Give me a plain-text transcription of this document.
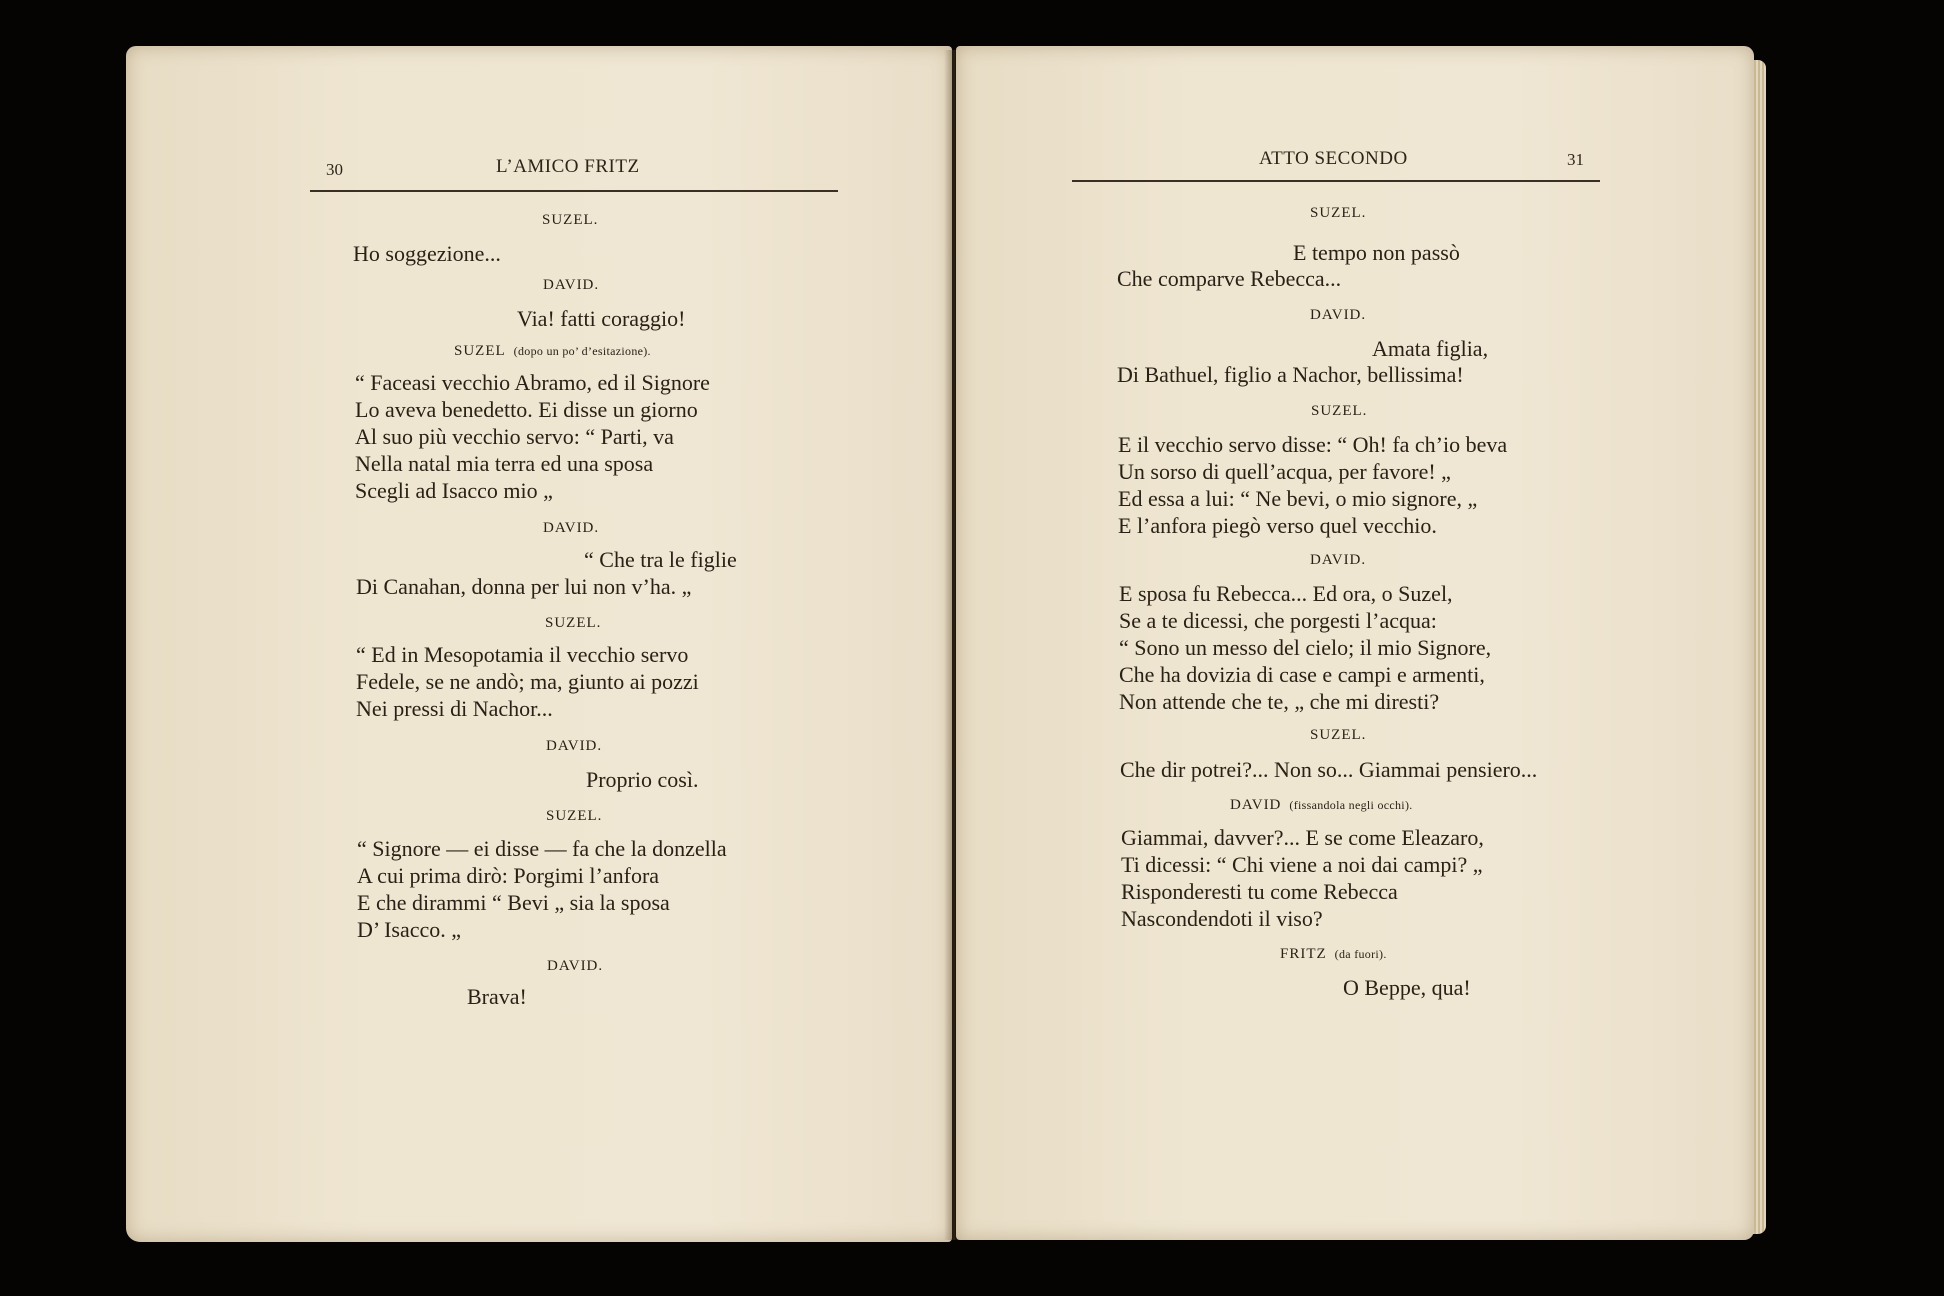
30	L’AMICO FRITZ
SUZEL.
Ho soggezione...
DAVID.
Via! fatti coraggio!
SUZEL (dopo un po’ d’esitazione).
“ Faceasi vecchio Abramo, ed il Signore
Lo aveva benedetto. Ei disse un giorno
Al suo più vecchio servo: “ Parti, va
Nella natal mia terra ed una sposa
Scegli ad Isacco mio „
DAVID.
“ Che tra le figlie
Di Canahan, donna per lui non v’ha. „
SUZEL.
“ Ed in Mesopotamia il vecchio servo
Fedele, se ne andò; ma, giunto ai pozzi
Nei pressi di Nachor...
DAVID.
Proprio così.
SUZEL.
“ Signore — ei disse — fa che la donzella
A cui prima dirò: Porgimi l’anfora
E che dirammi “ Bevi „ sia la sposa
D’ Isacco. „
DAVID.
Brava!
ATTO SECONDO	31
SUZEL.
E tempo non passò
Che comparve Rebecca...
DAVID.
Amata figlia,
Di Bathuel, figlio a Nachor, bellissima!
SUZEL.
E il vecchio servo disse: “ Oh! fa ch’io beva
Un sorso di quell’acqua, per favore! „
Ed essa a lui: “ Ne bevi, o mio signore, „
E l’anfora piegò verso quel vecchio.
DAVID.
E sposa fu Rebecca... Ed ora, o Suzel,
Se a te dicessi, che porgesti l’acqua:
“ Sono un messo del cielo; il mio Signore,
Che ha dovizia di case e campi e armenti,
Non attende che te, „ che mi diresti?
SUZEL.
Che dir potrei?... Non so... Giammai pensiero...
DAVID (fissandola negli occhi).
Giammai, davver?... E se come Eleazaro,
Ti dicessi: “ Chi viene a noi dai campi? „
Risponderesti tu come Rebecca
Nascondendoti il viso?
FRITZ (da fuori).
O Beppe, qua!
